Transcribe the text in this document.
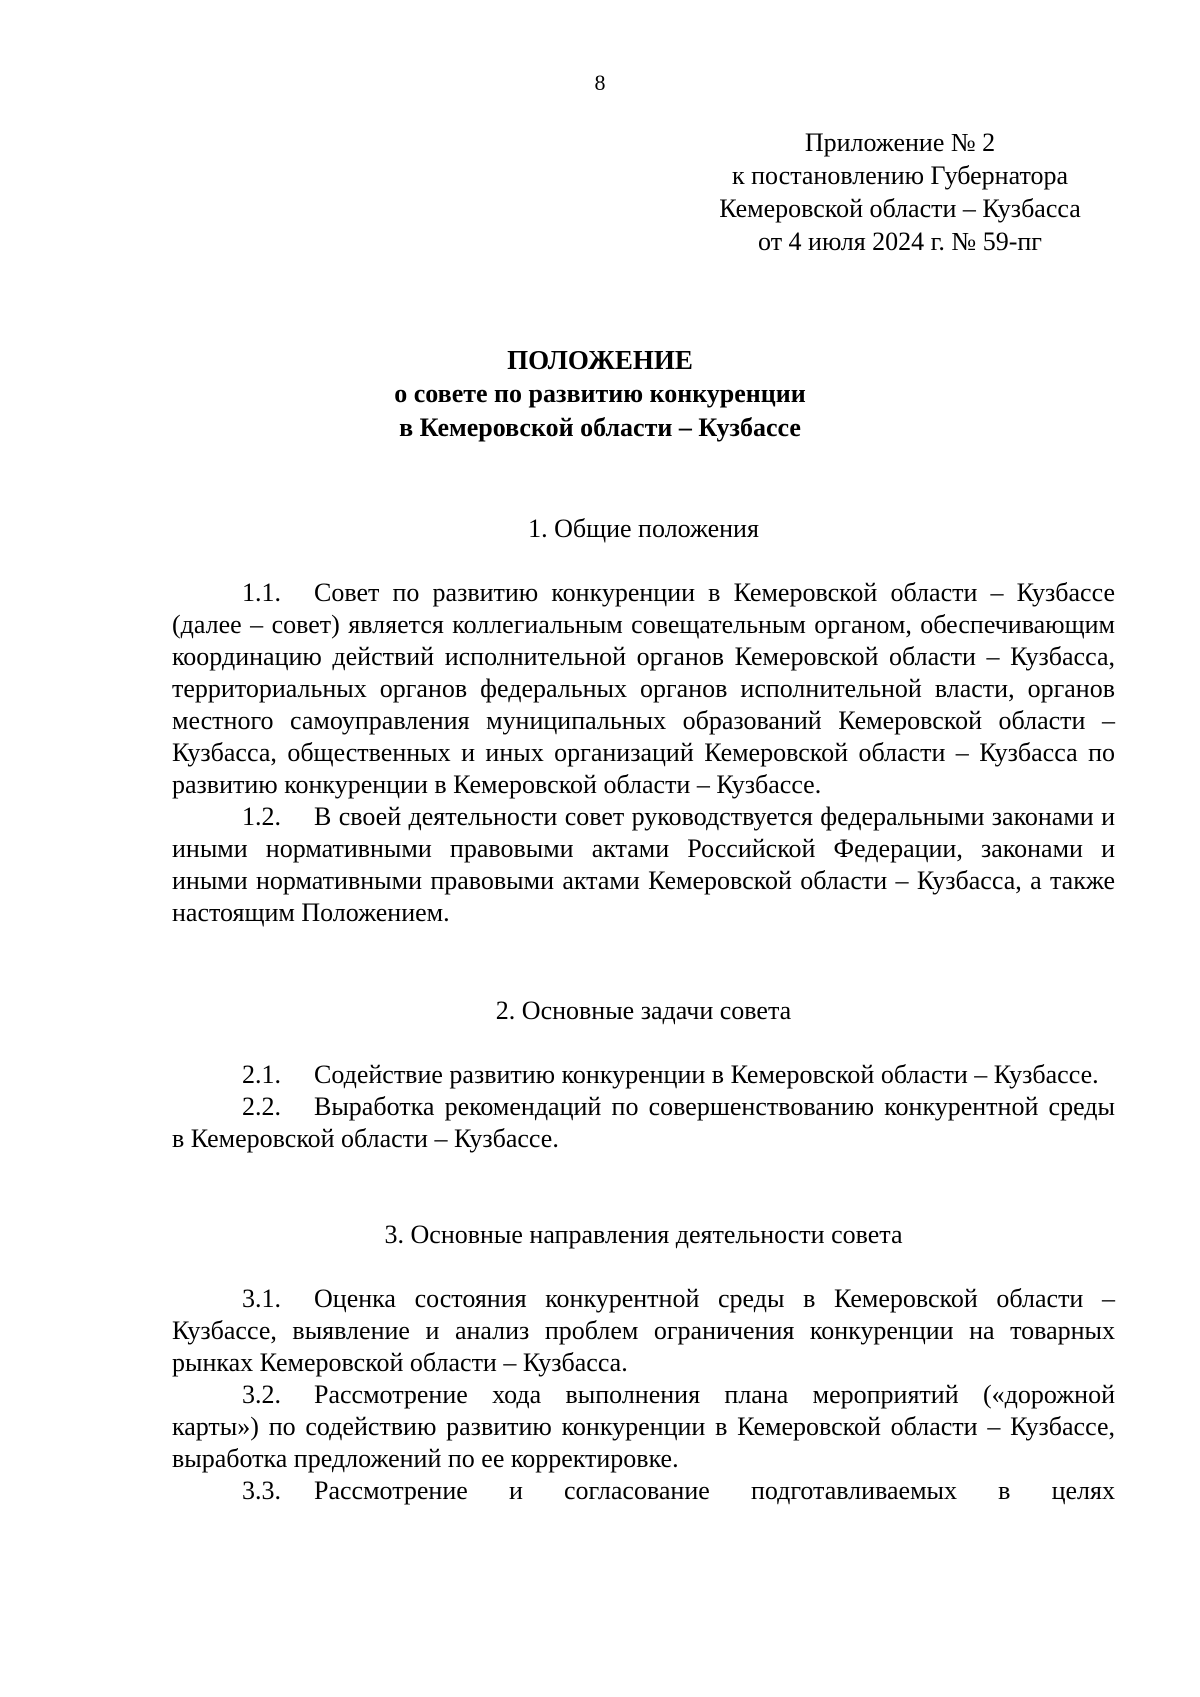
8
Приложение № 2
к постановлению Губернатора
Кемеровской области – Кузбасса
от 4 июля 2024 г. № 59-пг
ПОЛОЖЕНИЕ
о совете по развитию конкуренции
в Кемеровской области – Кузбассе
1. Общие положения

1.1. Совет по развитию конкуренции в Кемеровской области – Кузбассе (далее – совет) является коллегиальным совещательным органом, обеспечивающим координацию действий исполнительной органов Кемеровской области – Кузбасса, территориальных органов федеральных органов исполнительной власти, органов местного самоуправления муниципальных образований Кемеровской области – Кузбасса, общественных и иных организаций Кемеровской области – Кузбасса по развитию конкуренции в Кемеровской области – Кузбассе.

1.2. В своей деятельности совет руководствуется федеральными законами и иными нормативными правовыми актами Российской Федерации, законами и иными нормативными правовыми актами Кемеровской области – Кузбасса, а также настоящим Положением.

2. Основные задачи совета

2.1. Содействие развитию конкуренции в Кемеровской области – Кузбассе.

2.2. Выработка рекомендаций по совершенствованию конкурентной среды в Кемеровской области – Кузбассе.

3. Основные направления деятельности совета

3.1. Оценка состояния конкурентной среды в Кемеровской области – Кузбассе, выявление и анализ проблем ограничения конкуренции на товарных рынках Кемеровской области – Кузбасса.

3.2. Рассмотрение хода выполнения плана мероприятий («дорожной карты») по содействию развитию конкуренции в Кемеровской области – Кузбассе, выработка предложений по ее корректировке.

3.3. Рассмотрение и согласование подготавливаемых в целях
